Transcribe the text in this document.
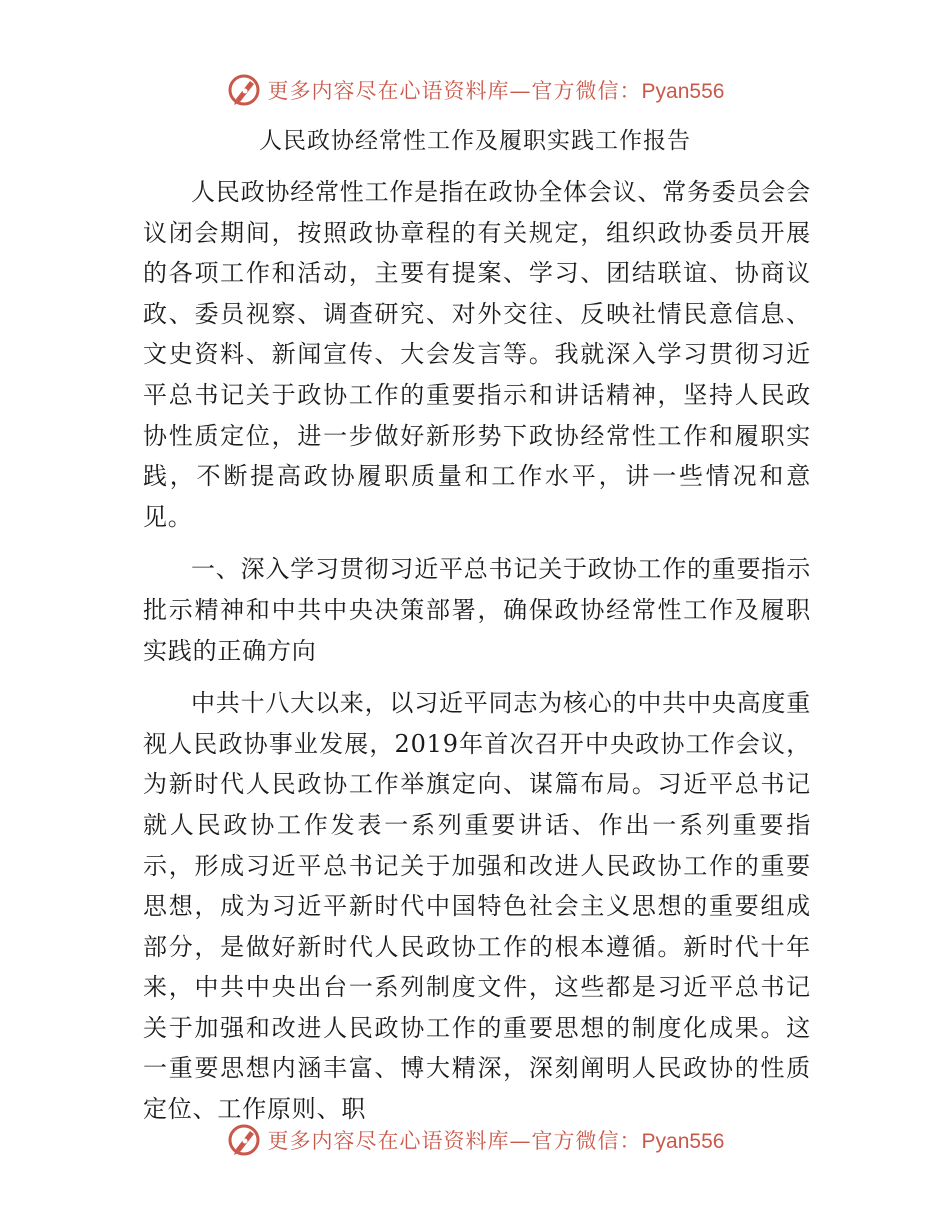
更多内容尽在心语资料库—官方微信：Pyan556
人民政协经常性工作及履职实践工作报告

人民政协经常性工作是指在政协全体会议、常务委员会会议闭会期间，按照政协章程的有关规定，组织政协委员开展的各项工作和活动，主要有提案、学习、团结联谊、协商议政、委员视察、调查研究、对外交往、反映社情民意信息、文史资料、新闻宣传、大会发言等。我就深入学习贯彻习近平总书记关于政协工作的重要指示和讲话精神，坚持人民政协性质定位，进一步做好新形势下政协经常性工作和履职实践，不断提高政协履职质量和工作水平，讲一些情况和意见。

一、深入学习贯彻习近平总书记关于政协工作的重要指示批示精神和中共中央决策部署，确保政协经常性工作及履职实践的正确方向

中共十八大以来，以习近平同志为核心的中共中央高度重视人民政协事业发展，2019年首次召开中央政协工作会议，为新时代人民政协工作举旗定向、谋篇布局。习近平总书记就人民政协工作发表一系列重要讲话、作出一系列重要指示，形成习近平总书记关于加强和改进人民政协工作的重要思想，成为习近平新时代中国特色社会主义思想的重要组成部分，是做好新时代人民政协工作的根本遵循。新时代十年来，中共中央出台一系列制度文件，这些都是习近平总书记关于加强和改进人民政协工作的重要思想的制度化成果。这一重要思想内涵丰富、博大精深，深刻阐明人民政协的性质定位、工作原则、职

更多内容尽在心语资料库—官方微信：Pyan556
